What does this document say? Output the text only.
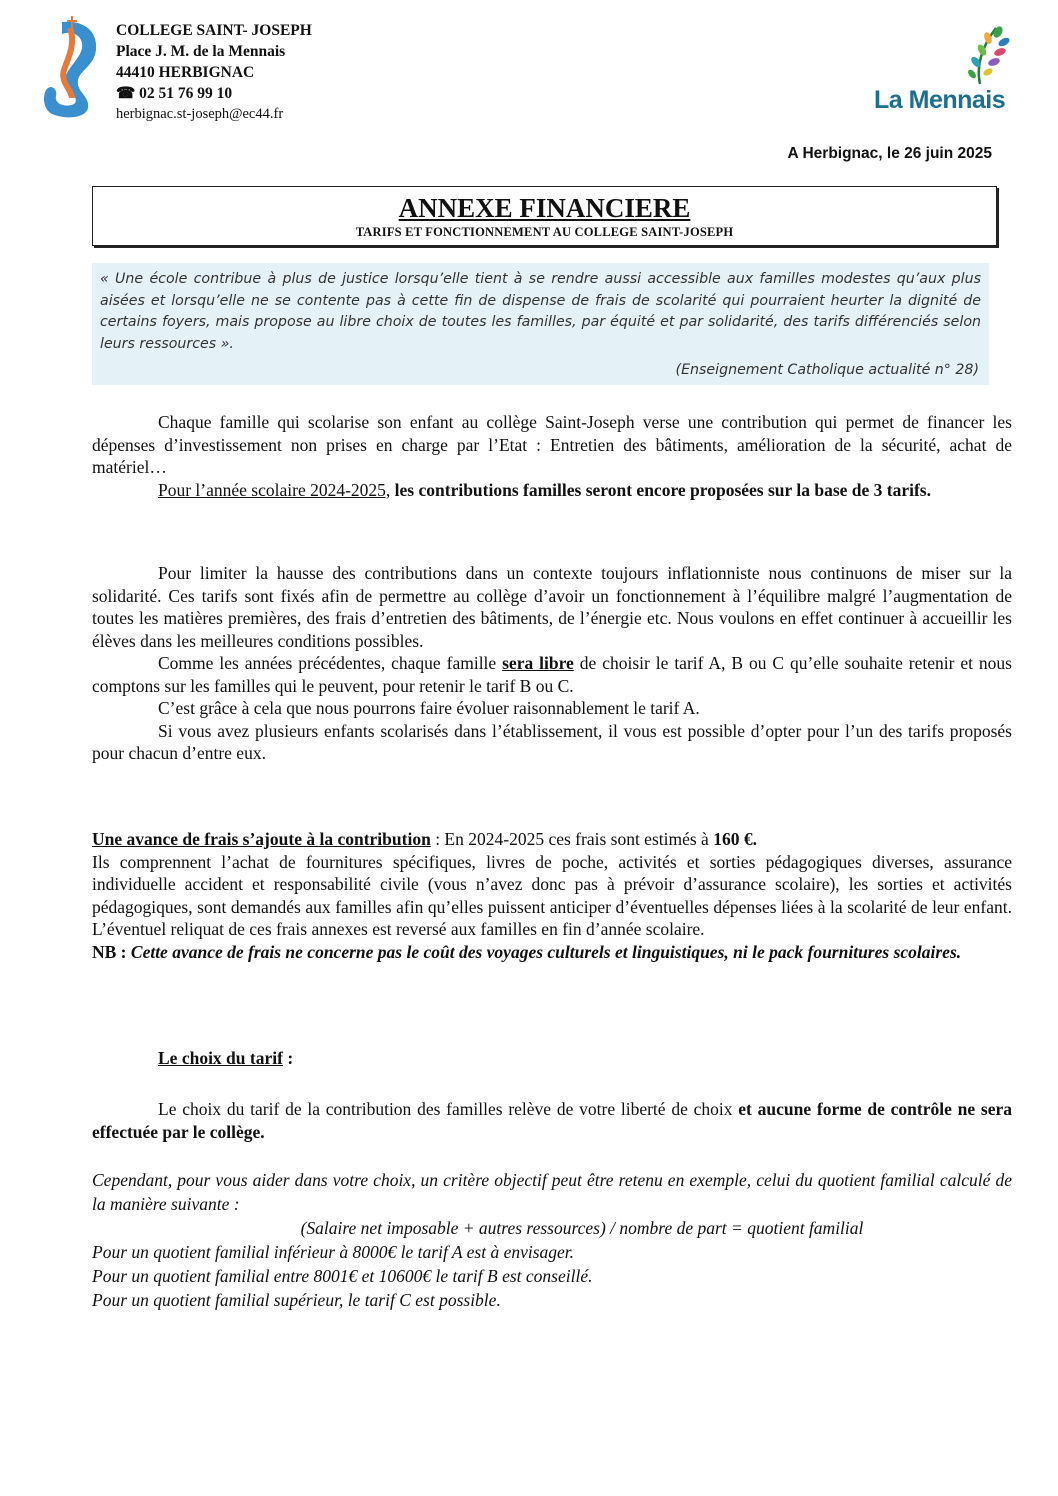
COLLEGE SAINT- JOSEPH
Place J. M. de la Mennais
44410 HERBIGNAC
☎ 02 51 76 99 10
herbignac.st-joseph@ec44.fr	La Mennais
A Herbignac, le 26 juin 2025
ANNEXE FINANCIERE
TARIFS ET FONCTIONNEMENT AU COLLEGE SAINT-JOSEPH
« Une école contribue à plus de justice lorsqu’elle tient à se rendre aussi accessible aux familles modestes qu’aux plus aisées et lorsqu’elle ne se contente pas à cette fin de dispense de frais de scolarité qui pourraient heurter la dignité de certains foyers, mais propose au libre choix de toutes les familles, par équité et par solidarité, des tarifs différenciés selon leurs ressources ».
(Enseignement Catholique actualité n° 28)

Chaque famille qui scolarise son enfant au collège Saint-Joseph verse une contribution qui permet de financer les dépenses d’investissement non prises en charge par l’Etat : Entretien des bâtiments, amélioration de la sécurité, achat de matériel…

Pour l’année scolaire 2024-2025, les contributions familles seront encore proposées sur la base de 3 tarifs.

Pour limiter la hausse des contributions dans un contexte toujours inflationniste nous continuons de miser sur la solidarité. Ces tarifs sont fixés afin de permettre au collège d’avoir un fonctionnement à l’équilibre malgré l’augmentation de toutes les matières premières, des frais d’entretien des bâtiments, de l’énergie etc. Nous voulons en effet continuer à accueillir les élèves dans les meilleures conditions possibles.

Comme les années précédentes, chaque famille sera libre de choisir le tarif A, B ou C qu’elle souhaite retenir et nous comptons sur les familles qui le peuvent, pour retenir le tarif B ou C.

C’est grâce à cela que nous pourrons faire évoluer raisonnablement le tarif A.

Si vous avez plusieurs enfants scolarisés dans l’établissement, il vous est possible d’opter pour l’un des tarifs proposés pour chacun d’entre eux.

Une avance de frais s’ajoute à la contribution : En 2024-2025 ces frais sont estimés à 160 €.

Ils comprennent l’achat de fournitures spécifiques, livres de poche, activités et sorties pédagogiques diverses, assurance individuelle accident et responsabilité civile (vous n’avez donc pas à prévoir d’assurance scolaire), les sorties et activités pédagogiques, sont demandés aux familles afin qu’elles puissent anticiper d’éventuelles dépenses liées à la scolarité de leur enfant. L’éventuel reliquat de ces frais annexes est reversé aux familles en fin d’année scolaire.

NB : Cette avance de frais ne concerne pas le coût des voyages culturels et linguistiques, ni le pack fournitures scolaires.

Le choix du tarif :

Le choix du tarif de la contribution des familles relève de votre liberté de choix et aucune forme de contrôle ne sera effectuée par le collège.

Cependant, pour vous aider dans votre choix, un critère objectif peut être retenu en exemple, celui du quotient familial calculé de la manière suivante :

(Salaire net imposable + autres ressources) / nombre de part = quotient familial

Pour un quotient familial inférieur à 8000€ le tarif A est à envisager.

Pour un quotient familial entre 8001€ et 10600€ le tarif B est conseillé.

Pour un quotient familial supérieur, le tarif C est possible.
